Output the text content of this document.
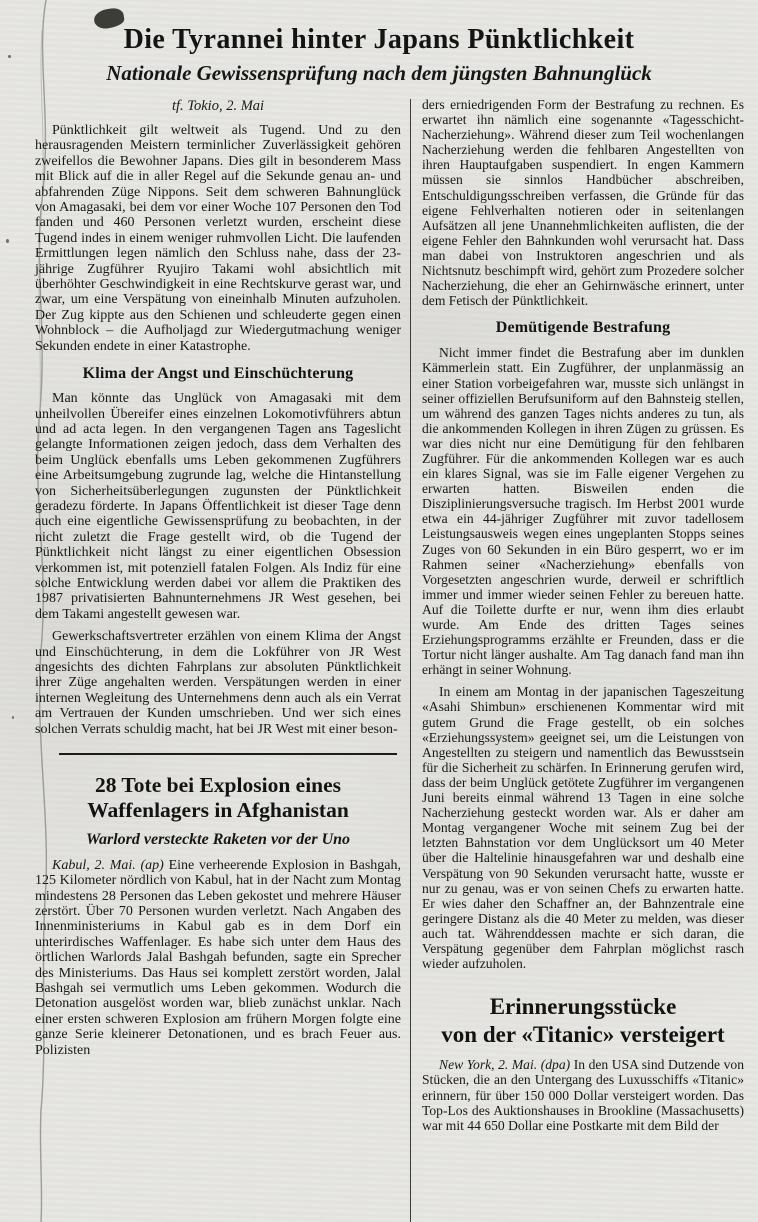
Die Tyrannei hinter Japans Pünktlichkeit
Nationale Gewissensprüfung nach dem jüngsten Bahnunglück

tf. Tokio, 2. Mai

Pünktlichkeit gilt weltweit als Tugend. Und zu den herausragenden Meistern terminlicher Zuverlässigkeit gehören zweifellos die Bewohner Japans. Dies gilt in besonderem Mass mit Blick auf die in aller Regel auf die Sekunde genau an- und abfahrenden Züge Nippons. Seit dem schweren Bahnunglück von Amagasaki, bei dem vor einer Woche 107 Personen den Tod fanden und 460 Personen verletzt wurden, erscheint diese Tugend indes in einem weniger ruhmvollen Licht. Die laufenden Ermittlungen legen nämlich den Schluss nahe, dass der 23-jährige Zugführer Ryujiro Takami wohl absichtlich mit überhöhter Geschwindigkeit in eine Rechtskurve gerast war, und zwar, um eine Verspätung von eineinhalb Minuten aufzuholen. Der Zug kippte aus den Schienen und schleuderte gegen einen Wohnblock – die Aufholjagd zur Wiedergutmachung weniger Sekunden endete in einer Katastrophe.

Klima der Angst und Einschüchterung

Man könnte das Unglück von Amagasaki mit dem unheilvollen Übereifer eines einzelnen Lokomotivführers abtun und ad acta legen. In den vergangenen Tagen ans Tageslicht gelangte Informationen zeigen jedoch, dass dem Verhalten des beim Unglück ebenfalls ums Leben gekommenen Zugführers eine Arbeitsumgebung zugrunde lag, welche die Hintanstellung von Sicherheitsüberlegungen zugunsten der Pünktlichkeit geradezu förderte. In Japans Öffentlichkeit ist dieser Tage denn auch eine eigentliche Gewissensprüfung zu beobachten, in der nicht zuletzt die Frage gestellt wird, ob die Tugend der Pünktlichkeit nicht längst zu einer eigentlichen Obsession verkommen ist, mit potenziell fatalen Folgen. Als Indiz für eine solche Entwicklung werden dabei vor allem die Praktiken des 1987 privatisierten Bahnunternehmens JR West gesehen, bei dem Takami angestellt gewesen war.

Gewerkschaftsvertreter erzählen von einem Klima der Angst und Einschüchterung, in dem die Lokführer von JR West angesichts des dichten Fahrplans zur absoluten Pünktlichkeit ihrer Züge angehalten werden. Verspätungen werden in einer internen Wegleitung des Unternehmens denn auch als ein Verrat am Vertrauen der Kunden umschrieben. Und wer sich eines solchen Verrats schuldig macht, hat bei JR West mit einer beson-

28 Tote bei Explosion eines
Waffenlagers in Afghanistan
Warlord versteckte Raketen vor der Uno

Kabul, 2. Mai. (ap) Eine verheerende Explosion in Bashgah, 125 Kilometer nördlich von Kabul, hat in der Nacht zum Montag mindestens 28 Personen das Leben gekostet und mehrere Häuser zerstört. Über 70 Personen wurden verletzt. Nach Angaben des Innenministeriums in Kabul gab es in dem Dorf ein unterirdisches Waffenlager. Es habe sich unter dem Haus des örtlichen Warlords Jalal Bashgah befunden, sagte ein Sprecher des Ministeriums. Das Haus sei komplett zerstört worden, Jalal Bashgah sei vermutlich ums Leben gekommen. Wodurch die Detonation ausgelöst worden war, blieb zunächst unklar. Nach einer ersten schweren Explosion am frühern Morgen folgte eine ganze Serie kleinerer Detonationen, und es brach Feuer aus. Polizisten

ders erniedrigenden Form der Bestrafung zu rechnen. Es erwartet ihn nämlich eine sogenannte «Tagesschicht-Nacherziehung». Während dieser zum Teil wochenlangen Nacherziehung werden die fehlbaren Angestellten von ihren Hauptaufgaben suspendiert. In engen Kammern müssen sie sinnlos Handbücher abschreiben, Entschuldigungsschreiben verfassen, die Gründe für das eigene Fehlverhalten notieren oder in seitenlangen Aufsätzen all jene Unannehmlichkeiten auflisten, die der eigene Fehler den Bahnkunden wohl verursacht hat. Dass man dabei von Instruktoren angeschrien und als Nichtsnutz beschimpft wird, gehört zum Prozedere solcher Nacherziehung, die eher an Gehirnwäsche erinnert, unter dem Fetisch der Pünktlichkeit.

Demütigende Bestrafung

Nicht immer findet die Bestrafung aber im dunklen Kämmerlein statt. Ein Zugführer, der unplanmässig an einer Station vorbeigefahren war, musste sich unlängst in seiner offiziellen Berufsuniform auf den Bahnsteig stellen, um während des ganzen Tages nichts anderes zu tun, als die ankommenden Kollegen in ihren Zügen zu grüssen. Es war dies nicht nur eine Demütigung für den fehlbaren Zugführer. Für die ankommenden Kollegen war es auch ein klares Signal, was sie im Falle eigener Vergehen zu erwarten hatten. Bisweilen enden die Disziplinierungsversuche tragisch. Im Herbst 2001 wurde etwa ein 44-jähriger Zugführer mit zuvor tadellosem Leistungsausweis wegen eines ungeplanten Stopps seines Zuges von 60 Sekunden in ein Büro gesperrt, wo er im Rahmen seiner «Nacherziehung» ebenfalls von Vorgesetzten angeschrien wurde, derweil er schriftlich immer und immer wieder seinen Fehler zu bereuen hatte. Auf die Toilette durfte er nur, wenn ihm dies erlaubt wurde. Am Ende des dritten Tages seines Erziehungsprogramms erzählte er Freunden, dass er die Tortur nicht länger aushalte. Am Tag danach fand man ihn erhängt in seiner Wohnung.

In einem am Montag in der japanischen Tageszeitung «Asahi Shimbun» erschienenen Kommentar wird mit gutem Grund die Frage gestellt, ob ein solches «Erziehungssystem» geeignet sei, um die Leistungen von Angestellten zu steigern und namentlich das Bewusstsein für die Sicherheit zu schärfen. In Erinnerung gerufen wird, dass der beim Unglück getötete Zugführer im vergangenen Juni bereits einmal während 13 Tagen in eine solche Nacherziehung gesteckt worden war. Als er daher am Montag vergangener Woche mit seinem Zug bei der letzten Bahnstation vor dem Unglücksort um 40 Meter über die Haltelinie hinausgefahren war und deshalb eine Verspätung von 90 Sekunden verursacht hatte, wusste er nur zu genau, was er von seinen Chefs zu erwarten hatte. Er wies daher den Schaffner an, der Bahnzentrale eine geringere Distanz als die 40 Meter zu melden, was dieser auch tat. Währenddessen machte er sich daran, die Verspätung gegenüber dem Fahrplan möglichst rasch wieder aufzuholen.

Erinnerungsstücke
von der «Titanic» versteigert

New York, 2. Mai. (dpa) In den USA sind Dutzende von Stücken, die an den Untergang des Luxusschiffs «Titanic» erinnern, für über 150 000 Dollar versteigert worden. Das Top-Los des Auktionshauses in Brookline (Massachusetts) war mit 44 650 Dollar eine Postkarte mit dem Bild der
